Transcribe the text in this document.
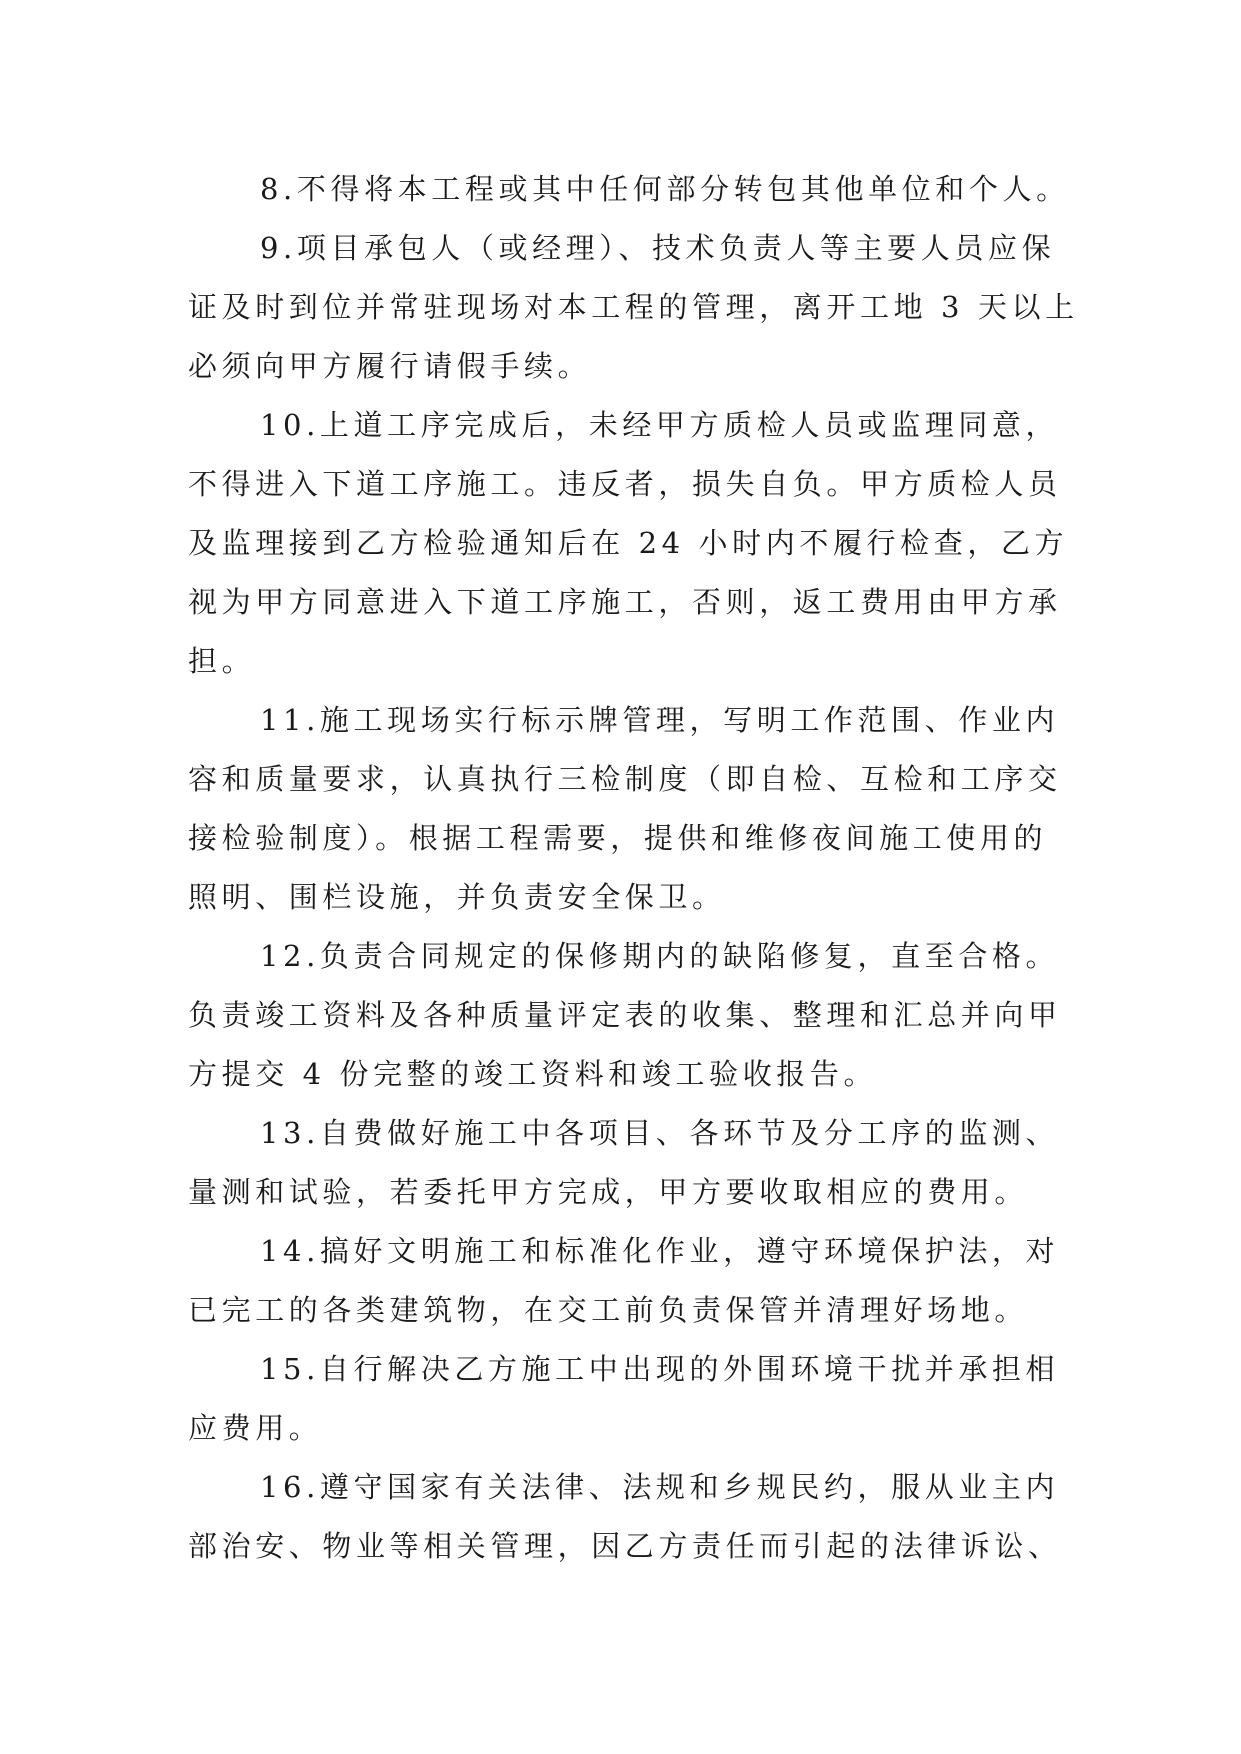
8.不得将本工程或其中任何部分转包其他单位和个人。
9.项目承包人（或经理）、技术负责人等主要人员应保
证及时到位并常驻现场对本工程的管理，离开工地 3 天以上
必须向甲方履行请假手续。
10.上道工序完成后，未经甲方质检人员或监理同意，
不得进入下道工序施工。违反者，损失自负。甲方质检人员
及监理接到乙方检验通知后在 24 小时内不履行检查，乙方
视为甲方同意进入下道工序施工，否则，返工费用由甲方承
担。
11.施工现场实行标示牌管理，写明工作范围、作业内
容和质量要求，认真执行三检制度（即自检、互检和工序交
接检验制度）。根据工程需要，提供和维修夜间施工使用的
照明、围栏设施，并负责安全保卫。
12.负责合同规定的保修期内的缺陷修复，直至合格。
负责竣工资料及各种质量评定表的收集、整理和汇总并向甲
方提交 4 份完整的竣工资料和竣工验收报告。
13.自费做好施工中各项目、各环节及分工序的监测、
量测和试验，若委托甲方完成，甲方要收取相应的费用。
14.搞好文明施工和标准化作业，遵守环境保护法，对
已完工的各类建筑物，在交工前负责保管并清理好场地。
15.自行解决乙方施工中出现的外围环境干扰并承担相
应费用。
16.遵守国家有关法律、法规和乡规民约，服从业主内
部治安、物业等相关管理，因乙方责任而引起的法律诉讼、
